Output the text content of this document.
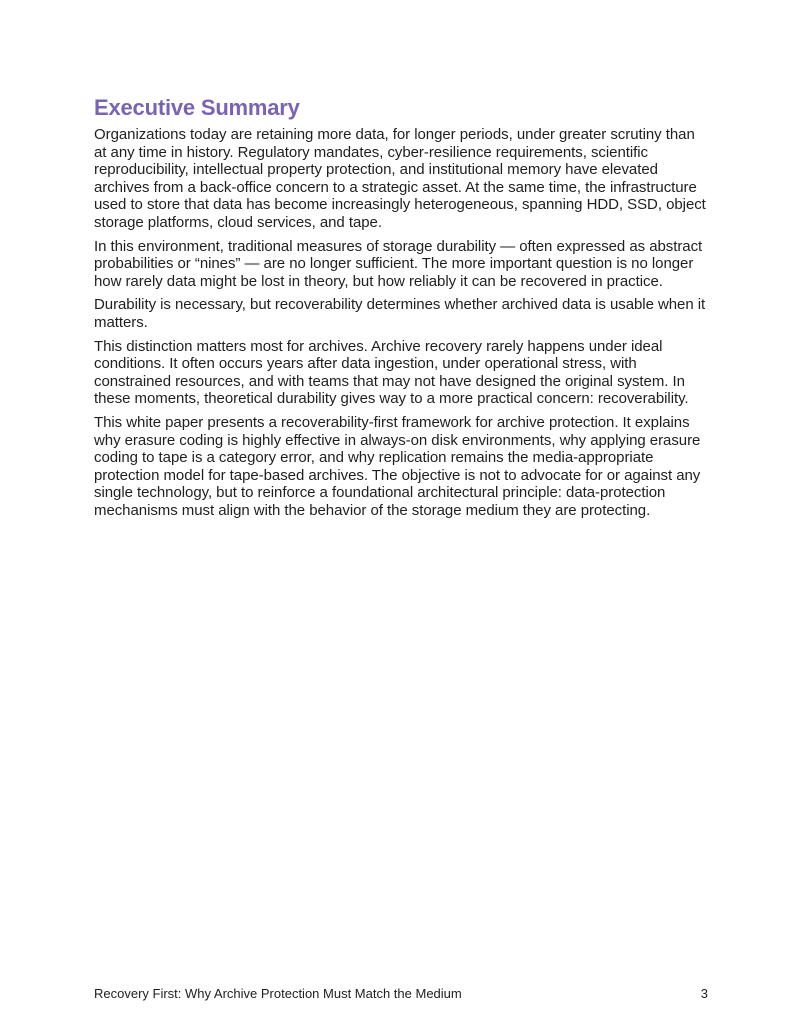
Executive Summary

Organizations today are retaining more data, for longer periods, under greater scrutiny than at any time in history. Regulatory mandates, cyber-resilience requirements, scientific reproducibility, intellectual property protection, and institutional memory have elevated archives from a back-office concern to a strategic asset. At the same time, the infrastructure used to store that data has become increasingly heterogeneous, spanning HDD, SSD, object storage platforms, cloud services, and tape.

In this environment, traditional measures of storage durability — often expressed as abstract probabilities or “nines” — are no longer sufficient. The more important question is no longer how rarely data might be lost in theory, but how reliably it can be recovered in practice.

Durability is necessary, but recoverability determines whether archived data is usable when it matters.

This distinction matters most for archives. Archive recovery rarely happens under ideal conditions. It often occurs years after data ingestion, under operational stress, with constrained resources, and with teams that may not have designed the original system. In these moments, theoretical durability gives way to a more practical concern: recoverability.

This white paper presents a recoverability-first framework for archive protection. It explains why erasure coding is highly effective in always-on disk environments, why applying erasure coding to tape is a category error, and why replication remains the media-appropriate protection model for tape-based archives. The objective is not to advocate for or against any single technology, but to reinforce a foundational architectural principle: data-protection mechanisms must align with the behavior of the storage medium they are protecting.

Recovery First: Why Archive Protection Must Match the Medium	3
